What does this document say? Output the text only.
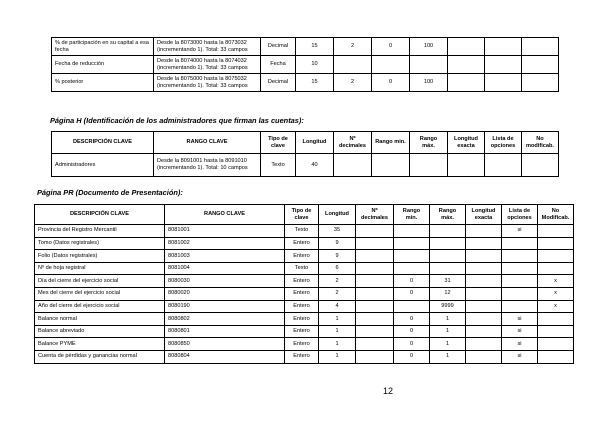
% de participación en su capital a esa fecha	Desde la 8073000 hasta la 8073032 (incrementando 1). Total: 33 campos	Decimal	15	2	0	100			
Fecha de reducción	Desde la 8074000 hasta la 8074032 (incrementando 1). Total: 33 campos	Fecha	10						
% posterior	Desde la 8075000 hasta la 8075032 (incrementando 1). Total: 33 campos	Decimal	15	2	0	100			
Página H (Identificación de los administradores que firman las cuentas):
DESCRIPCIÓN CLAVE	RANGO CLAVE	Tipo de clave	Longitud	Nº decimales	Rango min.	Rango máx.	Longitud exacta	Lista de opciones	No modificab.
Administradores	Desde la 8091001 hasta la 8091010 (incrementando 1). Total: 10 campos	Texto	40						
Página PR (Documento de Presentación):
DESCRIPCIÓN CLAVE	RANGO CLAVE	Tipo de clave	Longitud	Nº decimales	Rango min.	Rango máx.	Longitud exacta	Lista de opciones	No Modificab.
Provincia del Registro Mercantil	8081001	Texto	35					si	
Tomo (Datos registrales)	8081002	Entero	9						
Folio (Datos registrales)	8081003	Entero	9						
Nº de hoja registral	8081004	Texto	6						
Día del cierre del ejercicio social	8080030	Entero	2		0	31			x
Mes del cierre del ejercicio social	8080020	Entero	2		0	12			x
Año del cierre del ejercicio social	8080190	Entero	4			9999			x
Balance normal	8080802	Entero	1		0	1		si	
Balance abreviado	8080801	Entero	1		0	1		si	
Balance PYME	8080850	Entero	1		0	1		si	
Cuenta de pérdidas y ganancias normal	8080804	Entero	1		0	1		si	
12
